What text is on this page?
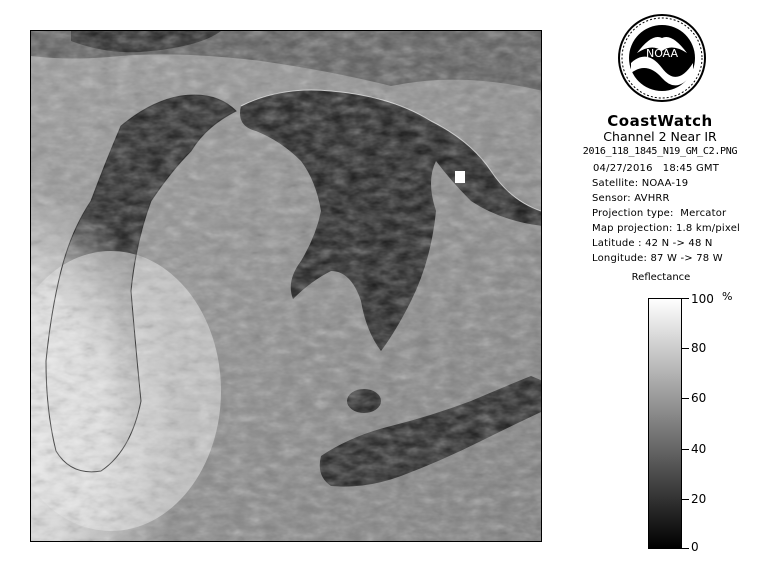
NOAA
CoastWatch
Channel 2 Near IR
2016_118_1845_N19_GM_C2.PNG
04/27/2016   18:45 GMT
Satellite: NOAA-19
Sensor: AVHRR
Projection type:  Mercator
Map projection: 1.8 km/pixel
Latitude : 42 N -> 48 N
Longitude: 87 W -> 78 W
Reflectance
%
100
80
60
40
20
0
